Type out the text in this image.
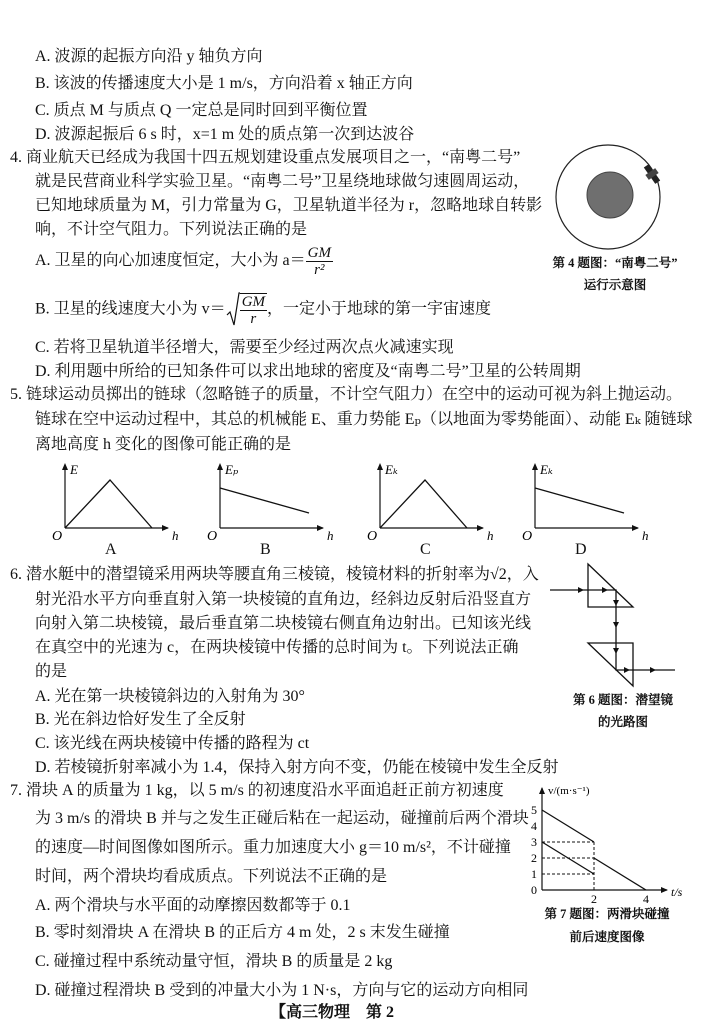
A. 波源的起振方向沿 y 轴负方向
B. 该波的传播速度大小是 1 m/s，方向沿着 x 轴正方向
C. 质点 M 与质点 Q 一定总是同时回到平衡位置
D. 波源起振后 6 s 时，x=1 m 处的质点第一次到达波谷
4. 商业航天已经成为我国十四五规划建设重点发展项目之一，“南粤二号”
就是民营商业科学实验卫星。“南粤二号”卫星绕地球做匀速圆周运动，
已知地球质量为 M，引力常量为 G，卫星轨道半径为 r，忽略地球自转影
响，不计空气阻力。下列说法正确的是
A. 卫星的向心加速度恒定，大小为 $a= \frac{GM}{\text{r²}}$
B. 卫星的线速度大小为 $v= \frac{GM}{r}$ ，一定小于地球的第一宇宙速度
C. 若将卫星轨道半径增大，需要至少经过两次点火减速实现
D. 利用题中所给的已知条件可以求出地球的密度及“南粤二号”卫星的公转周期
第 4 题图：“南粤二号”
运行示意图
5. 链球运动员掷出的链球（忽略链子的质量，不计空气阻力）在空中的运动可视为斜上抛运动。
链球在空中运动过程中，其总的机械能 E、重力势能 Eₚ（以地面为零势能面）、动能 Eₖ 随链球
离地高度 h 变化的图像可能正确的是
E
O	h
A
Eₚ
O	h
B
Eₖ
O	h
C
Eₖ
O	h
D
6. 潜水艇中的潜望镜采用两块等腰直角三棱镜，棱镜材料的折射率为√2，入
射光沿水平方向垂直射入第一块棱镜的直角边，经斜边反射后沿竖直方
向射入第二块棱镜，最后垂直第二块棱镜右侧直角边射出。已知该光线
在真空中的光速为 c，在两块棱镜中传播的总时间为 t。下列说法正确
的是
A. 光在第一块棱镜斜边的入射角为 30°
B. 光在斜边恰好发生了全反射
C. 该光线在两块棱镜中传播的路程为 ct
D. 若棱镜折射率减小为 1.4，保持入射方向不变，仍能在棱镜中发生全反射
第 6 题图：潜望镜
的光路图
7. 滑块 A 的质量为 1 kg，以 5 m/s 的初速度沿水平面追赶正前方初速度
为 3 m/s 的滑块 B 并与之发生正碰后粘在一起运动，碰撞前后两个滑块
的速度—时间图像如图所示。重力加速度大小 g＝10 m/s²，不计碰撞
时间，两个滑块均看成质点。下列说法不正确的是
A. 两个滑块与水平面的动摩擦因数都等于 0.1
B. 零时刻滑块 A 在滑块 B 的正后方 4 m 处，2 s 末发生碰撞
C. 碰撞过程中系统动量守恒，滑块 B 的质量是 2 kg
D. 碰撞过程滑块 B 受到的冲量大小为 1 N·s，方向与它的运动方向相同
v/(m·s⁻¹)
t/s
0
1
2
3
4
5
2	4
第 7 题图：两滑块碰撞
前后速度图像
【高三物理　第 2
